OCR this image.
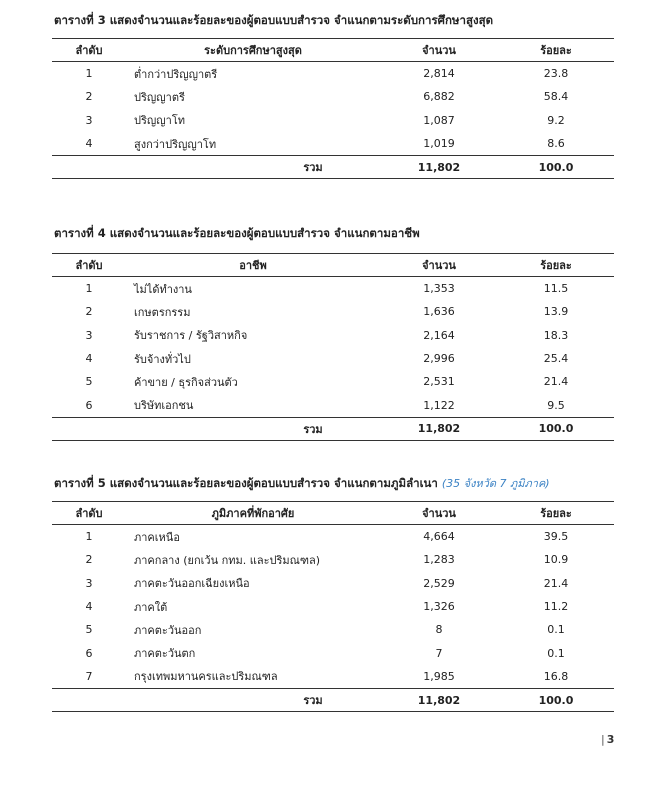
ตารางที่ 3 แสดงจำนวนและร้อยละของผู้ตอบแบบสำรวจ จำแนกตามระดับการศึกษาสูงสุด
ลำดับ	ระดับการศึกษาสูงสุด	จำนวน	ร้อยละ
1	ต่ำกว่าปริญญาตรี	2,814	23.8
2	ปริญญาตรี	6,882	58.4
3	ปริญญาโท	1,087	9.2
4	สูงกว่าปริญญาโท	1,019	8.6
	รวม	11,802	100.0
ตารางที่ 4 แสดงจำนวนและร้อยละของผู้ตอบแบบสำรวจ จำแนกตามอาชีพ
ลำดับ	อาชีพ	จำนวน	ร้อยละ
1	ไม่ได้ทำงาน	1,353	11.5
2	เกษตรกรรม	1,636	13.9
3	รับราชการ / รัฐวิสาหกิจ	2,164	18.3
4	รับจ้างทั่วไป	2,996	25.4
5	ค้าขาย / ธุรกิจส่วนตัว	2,531	21.4
6	บริษัทเอกชน	1,122	9.5
	รวม	11,802	100.0
ตารางที่ 5 แสดงจำนวนและร้อยละของผู้ตอบแบบสำรวจ จำแนกตามภูมิลำเนา (35 จังหวัด 7 ภูมิภาค)
ลำดับ	ภูมิภาคที่พักอาศัย	จำนวน	ร้อยละ
1	ภาคเหนือ	4,664	39.5
2	ภาคกลาง (ยกเว้น กทม. และปริมณฑล)	1,283	10.9
3	ภาคตะวันออกเฉียงเหนือ	2,529	21.4
4	ภาคใต้	1,326	11.2
5	ภาคตะวันออก	8	0.1
6	ภาคตะวันตก	7	0.1
7	กรุงเทพมหานครและปริมณฑล	1,985	16.8
	รวม	11,802	100.0
| 3
